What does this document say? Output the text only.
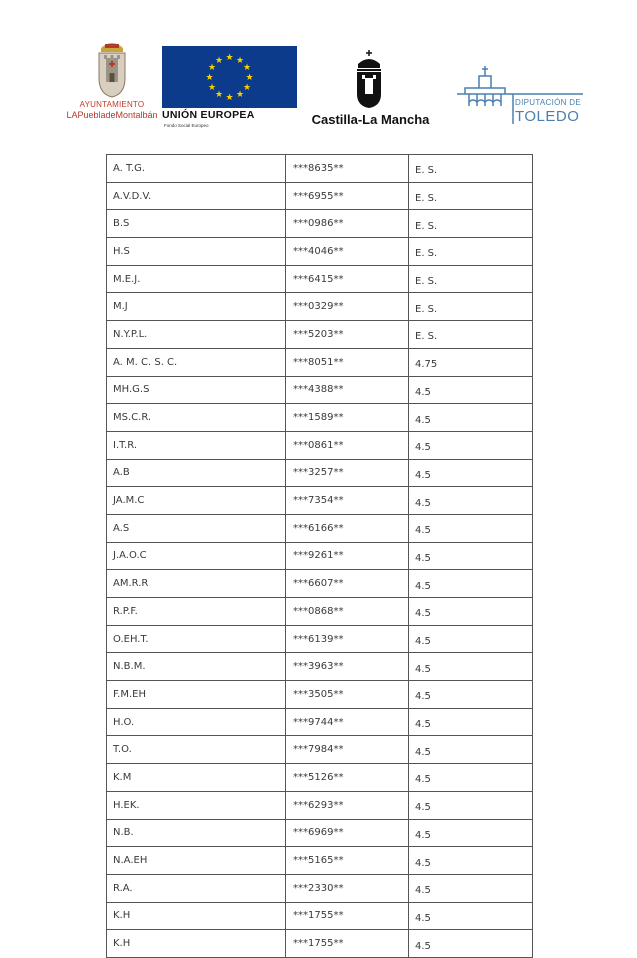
AYUNTAMIENTO
LAPuebladeMontalbán
★ ★
★
★
★
★
★
★
★
★
★
★
UNIÓN EUROPEA
Fondo Social Europeo	Castilla-La Mancha
DIPUTACIÓN DE
TOLEDO
A. T.G.	***8635**	E. S.
A.V.D.V.	***6955**	E. S.
B.S	***0986**	E. S.
H.S	***4046**	E. S.
M.E.J.	***6415**	E. S.
M.J	***0329**	E. S.
N.Y.P.L.	***5203**	E. S.
A. M. C. S. C.	***8051**	4.75
MH.G.S	***4388**	4.5
MS.C.R.	***1589**	4.5
I.T.R.	***0861**	4.5
A.B	***3257**	4.5
JA.M.C	***7354**	4.5
A.S	***6166**	4.5
J.A.O.C	***9261**	4.5
AM.R.R	***6607**	4.5
R.P.F.	***0868**	4.5
O.EH.T.	***6139**	4.5
N.B.M.	***3963**	4.5
F.M.EH	***3505**	4.5
H.O.	***9744**	4.5
T.O.	***7984**	4.5
K.M	***5126**	4.5
H.EK.	***6293**	4.5
N.B.	***6969**	4.5
N.A.EH	***5165**	4.5
R.A.	***2330**	4.5
K.H	***1755**	4.5
K.H	***1755**	4.5
